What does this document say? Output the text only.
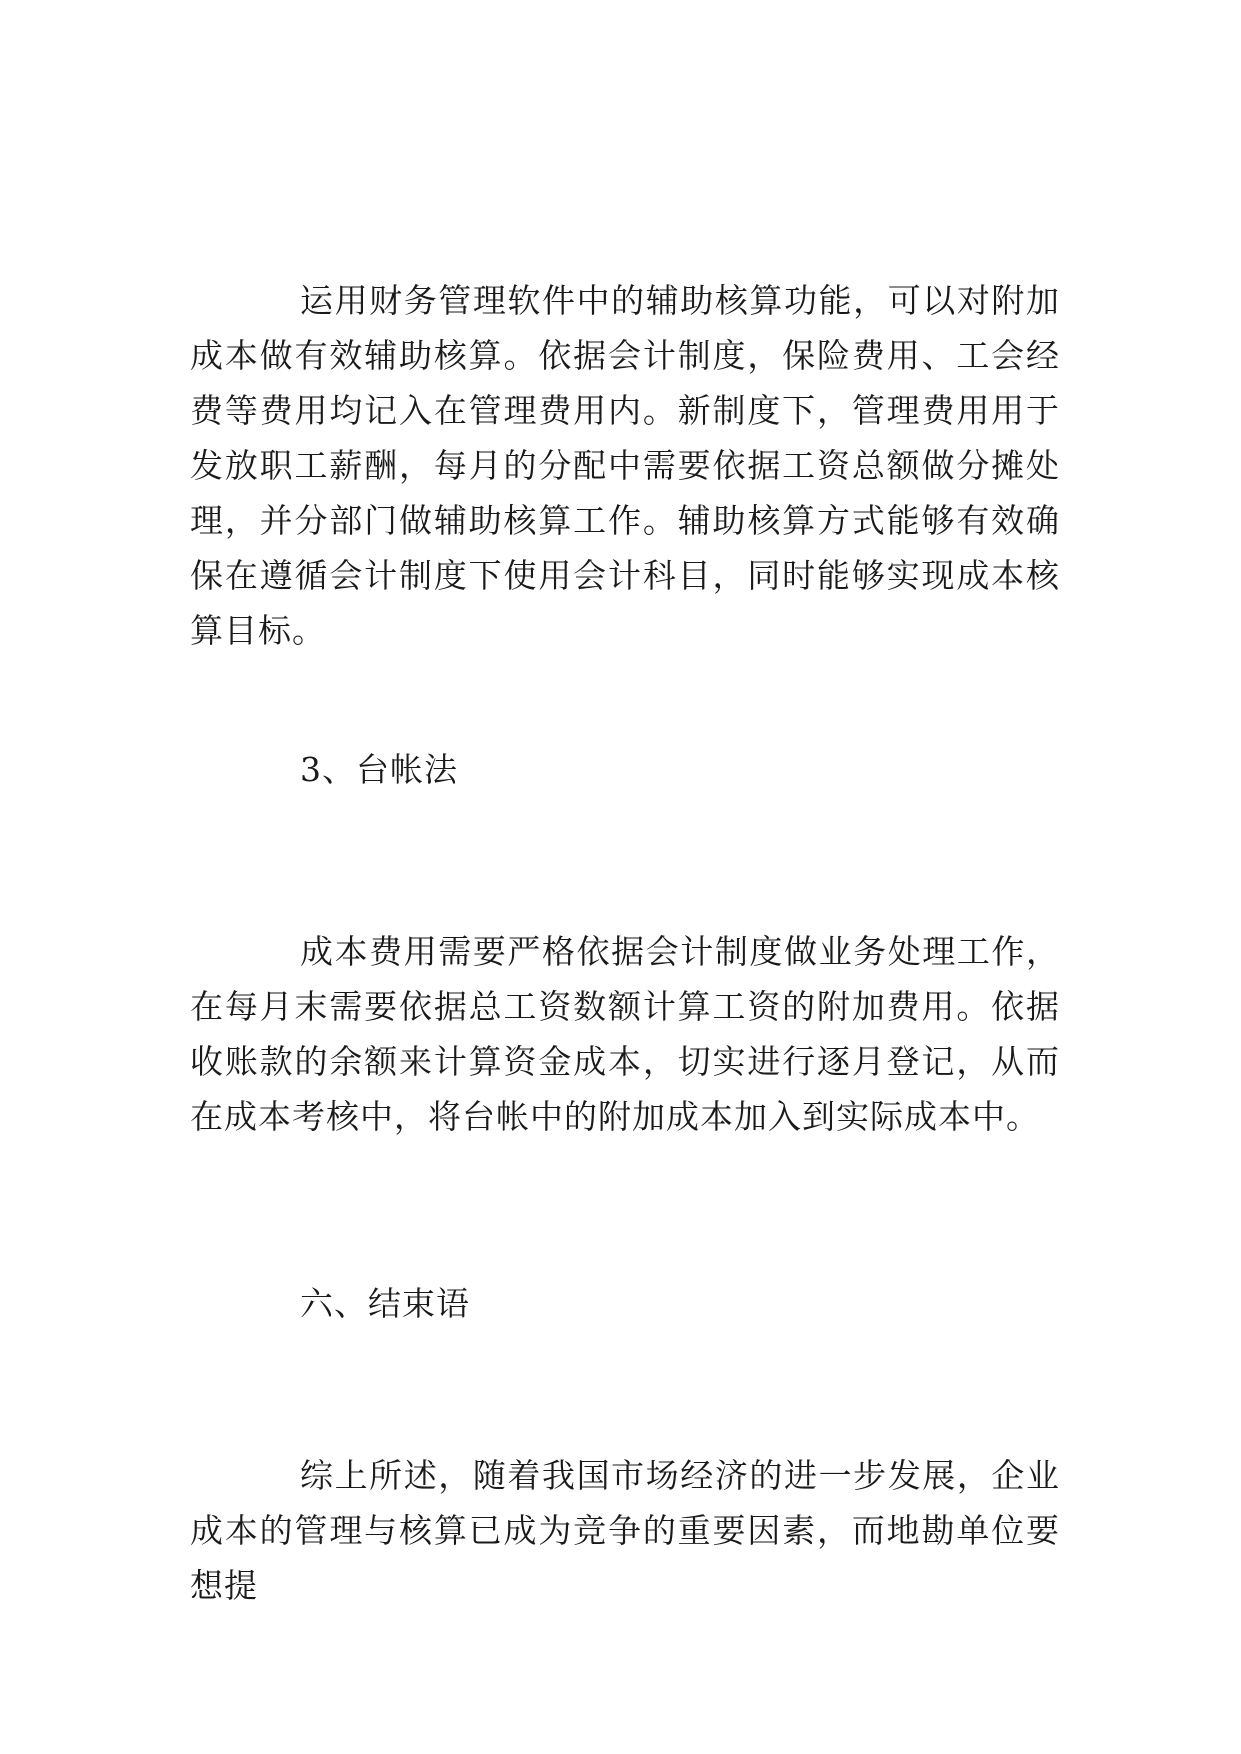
运用财务管理软件中的辅助核算功能，可以对附加成本做有效辅助核算。依据会计制度，保险费用、工会经费等费用均记入在管理费用内。新制度下，管理费用用于发放职工薪酬，每月的分配中需要依据工资总额做分摊处理，并分部门做辅助核算工作。辅助核算方式能够有效确保在遵循会计制度下使用会计科目，同时能够实现成本核算目标。

3、台帐法

成本费用需要严格依据会计制度做业务处理工作，在每月末需要依据总工资数额计算工资的附加费用。依据收账款的余额来计算资金成本，切实进行逐月登记，从而在成本考核中，将台帐中的附加成本加入到实际成本中。

六、结束语

综上所述，随着我国市场经济的进一步发展，企业成本的管理与核算已成为竞争的重要因素，而地勘单位要想提
